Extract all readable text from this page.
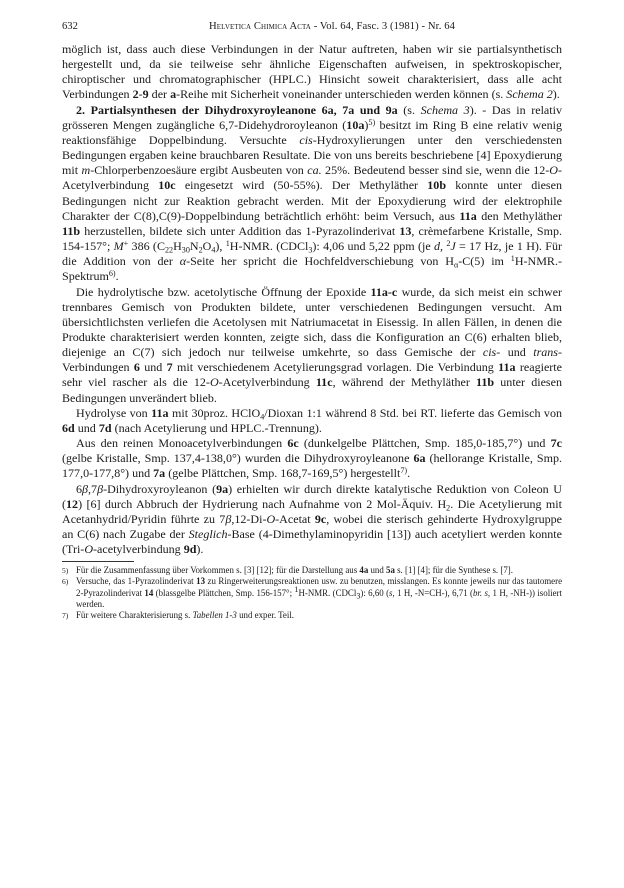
632	Helvetica Chimica Acta - Vol. 64, Fasc. 3 (1981) - Nr. 64

möglich ist, dass auch diese Verbindungen in der Natur auftreten, haben wir sie partialsynthetisch hergestellt und, da sie teilweise sehr ähnliche Eigenschaften aufweisen, in spektroskopischer, chiroptischer und chromatographischer (HPLC.) Hinsicht soweit charakterisiert, dass alle acht Verbindungen 2-9 der a-Reihe mit Sicherheit voneinander unterschieden werden können (s. Schema 2).

2. Partialsynthesen der Dihydroxyroyleanone 6a, 7a und 9a (s. Schema 3). - Das in relativ grösseren Mengen zugängliche 6,7-Didehydroroyleanon $(10a)^{5)}$ besitzt im Ring B eine relativ wenig reaktionsfähige Doppelbindung. Versuchte cis-Hydroxylierungen unter den verschiedensten Bedingungen ergaben keine brauchbaren Resultate. Die von uns bereits beschriebene [4] Epoxydierung mit m-Chlorperbenzoesäure ergibt Ausbeuten von ca. 25%. Bedeutend besser sind sie, wenn die 12-O-Acetylverbindung 10c eingesetzt wird (50-55%). Der Methyläther 10b konnte unter diesen Bedingungen nicht zur Reaktion gebracht werden. Mit der Epoxydierung wird der elektrophile Charakter der C(8),C(9)-Doppelbindung beträchtlich erhöht: beim Versuch, aus 11a den Methyläther 11b herzustellen, bildete sich unter Addition das 1-Pyrazolinderivat 13, crèmefarbene Kristalle, Smp. 154-157°; M+ 386 $(C_{22}H_{30}N_2O_4)$, $^1$H-NMR. (CDCl$_3$): 4,06 und 5,22 ppm (je d, $^2$J = 17 Hz, je 1 H). Für die Addition von der α-Seite her spricht die Hochfeldverschiebung von $H_\alpha-C(5)$ im $^1$H-NMR.-Spektrum$^{6)}$.

Die hydrolytische bzw. acetolytische Öffnung der Epoxide 11a-c wurde, da sich meist ein schwer trennbares Gemisch von Produkten bildete, unter verschiedenen Bedingungen versucht. Am übersichtlichsten verliefen die Acetolysen mit Natriumacetat in Eisessig. In allen Fällen, in denen die Produkte charakterisiert werden konnten, zeigte sich, dass die Konfiguration an C(6) erhalten blieb, diejenige an C(7) sich jedoch nur teilweise umkehrte, so dass Gemische der cis- und trans-Verbindungen 6 und 7 mit verschiedenem Acetylierungsgrad vorlagen. Die Verbindung 11a reagierte sehr viel rascher als die 12-O-Acetylverbindung 11c, während der Methyläther 11b unter diesen Bedingungen unverändert blieb.

Hydrolyse von 11a mit 30proz. HClO$_4$/Dioxan 1:1 während 8 Std. bei RT. lieferte das Gemisch von 6d und 7d (nach Acetylierung und HPLC.-Trennung).

Aus den reinen Monoacetylverbindungen 6c (dunkelgelbe Plättchen, Smp. 185,0-185,7°) und 7c (gelbe Kristalle, Smp. 137,4-138,0°) wurden die Dihydroxyroyleanone 6a (hellorange Kristalle, Smp. 177,0-177,8°) und 7a (gelbe Plättchen, Smp. 168,7-169,5°) hergestellt$^{7)}$.

6β,7β-Dihydroxyroyleanon (9a) erhielten wir durch direkte katalytische Reduktion von Coleon U (12) [6] durch Abbruch der Hydrierung nach Aufnahme von 2 Mol-Äquiv. $H_2$. Die Acetylierung mit Acetanhydrid/Pyridin führte zu 7β,12-Di-O-Acetat 9c, wobei die sterisch gehinderte Hydroxylgruppe an C(6) nach Zugabe der Steglich-Base (4-Dimethylaminopyridin [13]) auch acetyliert werden konnte (Tri-O-acetylverbindung 9d).

5) Für die Zusammenfassung über Vorkommen s. [3] [12]; für die Darstellung aus 4a und 5a s. [1] [4]; für die Synthese s. [7].

6) Versuche, das 1-Pyrazolinderivat 13 zu Ringerweiterungsreaktionen usw. zu benutzen, misslangen. Es konnte jeweils nur das tautomere 2-Pyrazolinderivat 14 (blassgelbe Plättchen, Smp. 156-157°; $^1$H-NMR. (CDCl$_3$): 6,60 (s, 1 H, -N=CH-), 6,71 (br. s, 1 H, -NH-)) isoliert werden.

7) Für weitere Charakterisierung s. Tabellen 1-3 und exper. Teil.
